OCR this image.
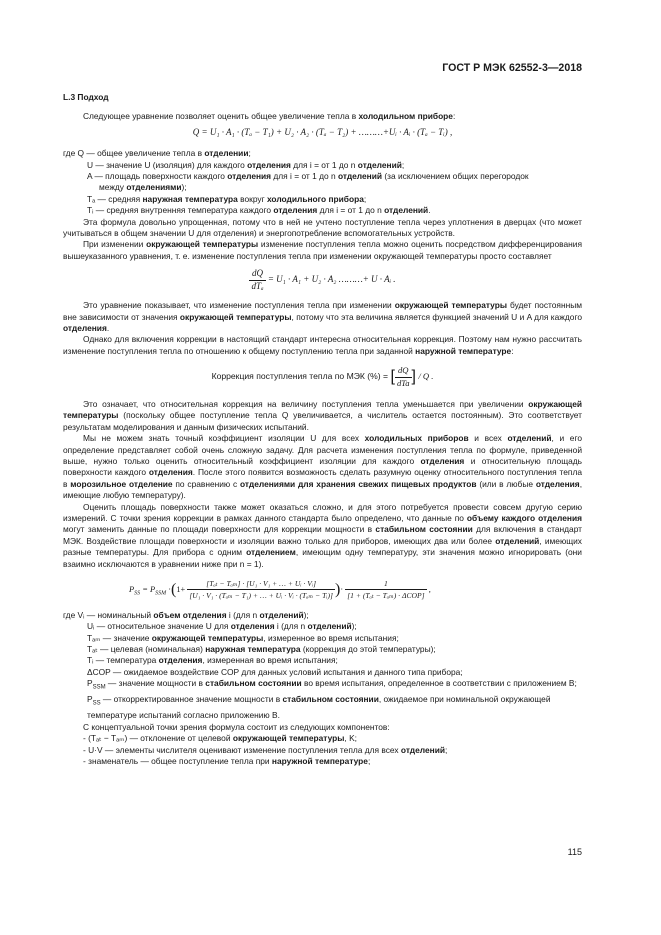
ГОСТ Р МЭК 62552-3—2018
L.3 Подход

Следующее уравнение позволяет оценить общее увеличение тепла в холодильном приборе:

Q = U₁ · A₁ · (Tₐ − T₁) + U₂ · A₂ · (Tₐ − T₂) + ………+Uᵢ · Aᵢ · (Tₐ − Tᵢ) ,
где Q — общее увеличение тепла в отделении;
U — значение U (изоляция) для каждого отделения для i = от 1 до n отделений;
A — площадь поверхности каждого отделения для i = от 1 до n отделений (за исключением общих перегородок
между отделениями);
Tₐ — средняя наружная температура вокруг холодильного прибора;
Tᵢ — средняя внутренняя температура каждого отделения для i = от 1 до n отделений.

Эта формула довольно упрощенная, потому что в ней не учтено поступление тепла через уплотнения в дверцах (что может учитываться в общем значении U для отделения) и энергопотребление вспомогательных устройств.

При изменении окружающей температуры изменение поступления тепла можно оценить посредством дифференцирования вышеуказанного уравнения, т. е. изменение поступления тепла при изменении окружающей температуры просто составляет

$\frac{dQ}{\text{dTₐ}} = U_1 \cdot A_1 + U_2 \cdot A_2$ ………+ U · Aᵢ .

Это уравнение показывает, что изменение поступления тепла при изменении окружающей температуры будет постоянным вне зависимости от значения окружающей температуры, потому что эта величина является функцией значений U и A для каждого отделения.

Однако для включения коррекции в настоящий стандарт интересна относительная коррекция. Поэтому нам нужно рассчитать изменение поступления тепла по отношению к общему поступлению тепла при заданной наружной температуре:

Коррекция поступления тепла по МЭК (%) = [ $\frac{dQ}{\text{dTa}}$ ] / Q .

Это означает, что относительная коррекция на величину поступления тепла уменьшается при увеличении окружающей температуры (поскольку общее поступление тепла Q увеличивается, а числитель остается постоянным). Это соответствует результатам моделирования и данным физических испытаний.

Мы не можем знать точный коэффициент изоляции U для всех холодильных приборов и всех отделений, и его определение представляет собой очень сложную задачу. Для расчета изменения поступления тепла по формуле, приведенной выше, нужно только оценить относительный коэффициент изоляции для каждого отделения и относительную площадь поверхности каждого отделения. После этого появится возможность сделать разумную оценку относительного поступления тепла в морозильное отделение по сравнению с отделениями для хранения свежих пищевых продуктов (или в любые отделения, имеющие любую температуру).

Оценить площадь поверхности также может оказаться сложно, и для этого потребуется провести совсем другую серию измерений. С точки зрения коррекции в рамках данного стандарта было определено, что данные по объему каждого отделения могут заменить данные по площади поверхности для коррекции мощности в стабильном состоянии для включения в стандарт МЭК. Воздействие площади поверхности и изоляции важно только для приборов, имеющих два или более отделений, имеющих разные температуры. Для прибора с одним отделением, имеющим одну температуру, эти значения можно игнорировать (они взаимно исключаются в уравнении ниже при n = 1).

$P_{SS} = P_{SSM} \cdot(1+ \frac{\text{[Tₐₜ − Tₐₘ] · [U₁ · V₁ + … + Uᵢ · Vᵢ]}}{\text{[U₁ · V₁ · (Tₐₘ − T₁) + … + Uᵢ · Vᵢ · (Tₐₘ − Tᵢ)]}}$ )· $\frac{1}{\text{[1 + (Tₐₜ − Tₐₘ) · ΔCOP]}}$ ,
где Vᵢ — номинальный объем отделения i (для n отделений);
Uᵢ — относительное значение U для отделения i (для n отделений);
Tₐₘ — значение окружающей температуры, измеренное во время испытания;
Tₐₜ — целевая (номинальная) наружная температура (коррекция до этой температуры);
Tᵢ — температура отделения, измеренная во время испытания;
ΔCOP — ожидаемое воздействие COP для данных условий испытания и данного типа прибора;
$P_{SSM}$ — значение мощности в стабильном состоянии во время испытания, определенное в соответствии с приложением B;
$P_{SS}$ — откорректированное значение мощности в стабильном состоянии, ожидаемое при номинальной окружающей температуре испытаний согласно приложению B.

С концептуальной точки зрения формула состоит из следующих компонентов:

- (Tₐₜ − Tₐₘ) — отклонение от целевой окружающей температуры, K;
- U·V — элементы числителя оценивают изменение поступления тепла для всех отделений;
- знаменатель — общее поступление тепла при наружной температуре;
115
